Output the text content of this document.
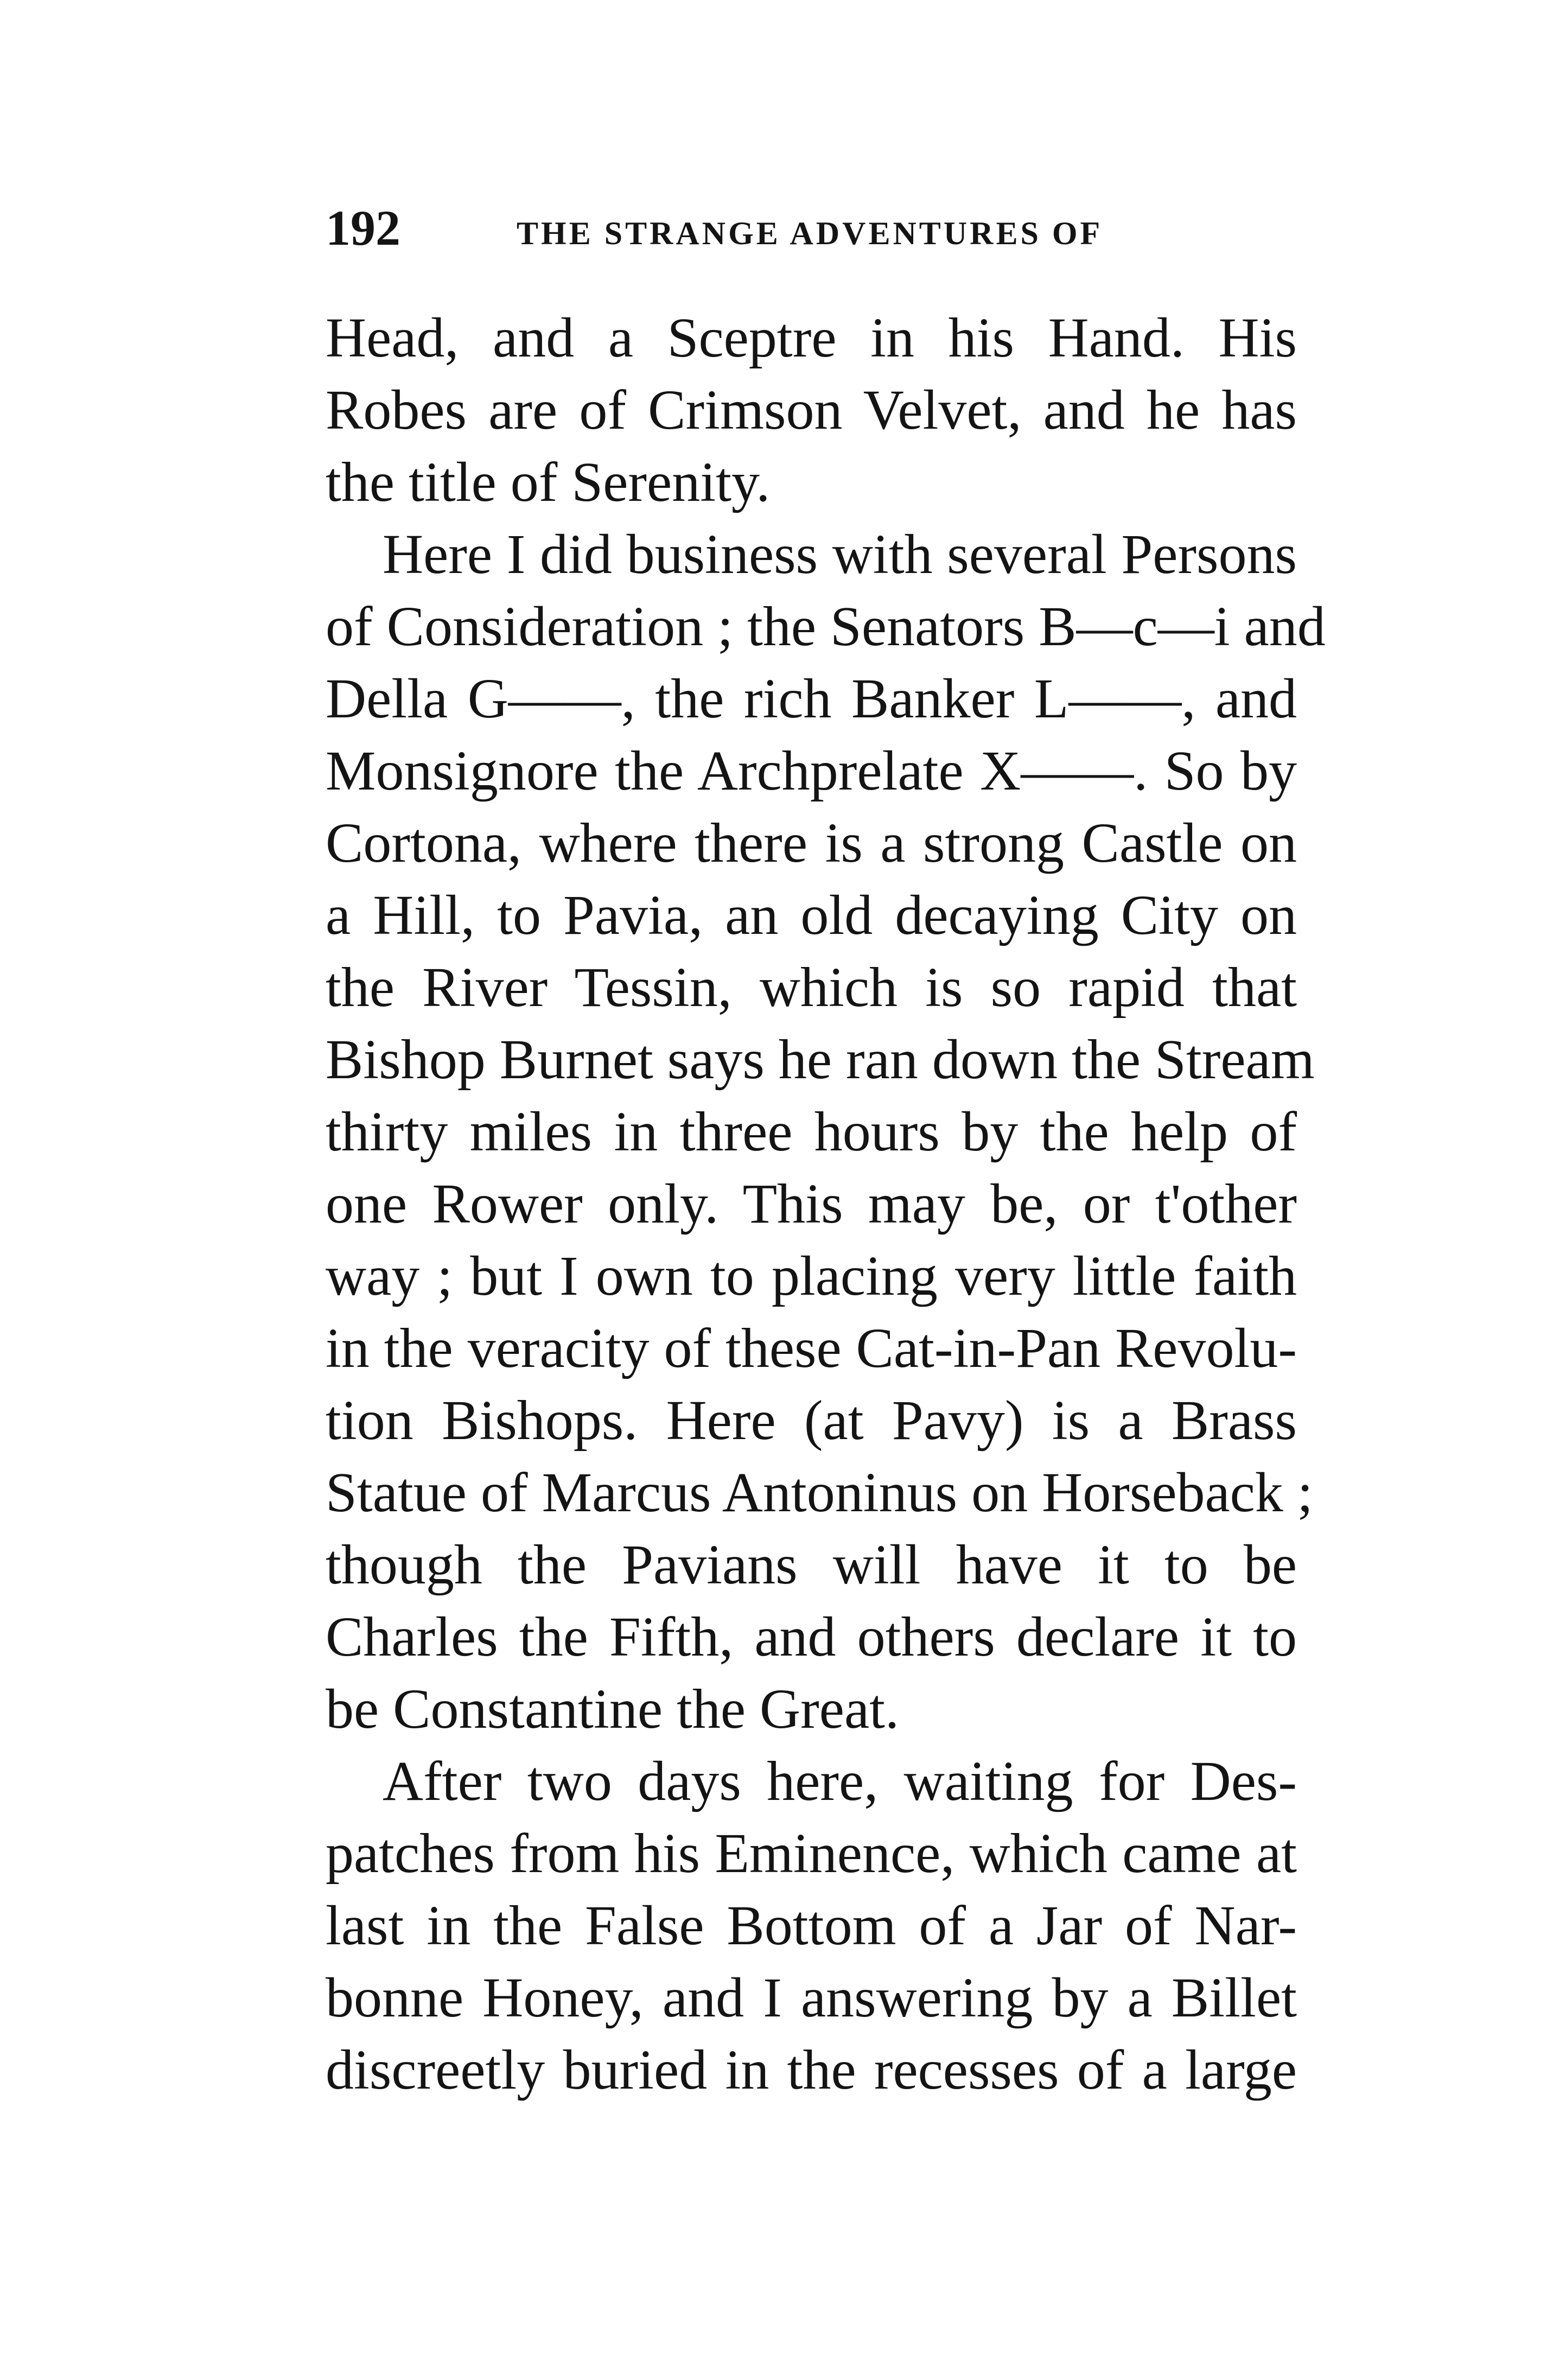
192	THE STRANGE ADVENTURES OF
Head, and a Sceptre in his Hand. His
Robes are of Crimson Velvet, and he has
the title of Serenity.
Here I did business with several Persons
of Consideration ; the Senators B—c—i and
Della G——, the rich Banker L——, and
Monsignore the Archprelate X——. So by
Cortona, where there is a strong Castle on
a Hill, to Pavia, an old decaying City on
the River Tessin, which is so rapid that
Bishop Burnet says he ran down the Stream
thirty miles in three hours by the help of
one Rower only. This may be, or t'other
way ; but I own to placing very little faith
in the veracity of these Cat-in-Pan Revolu-
tion Bishops. Here (at Pavy) is a Brass
Statue of Marcus Antoninus on Horseback ;
though the Pavians will have it to be
Charles the Fifth, and others declare it to
be Constantine the Great.
After two days here, waiting for Des-
patches from his Eminence, which came at
last in the False Bottom of a Jar of Nar-
bonne Honey, and I answering by a Billet
discreetly buried in the recesses of a large
